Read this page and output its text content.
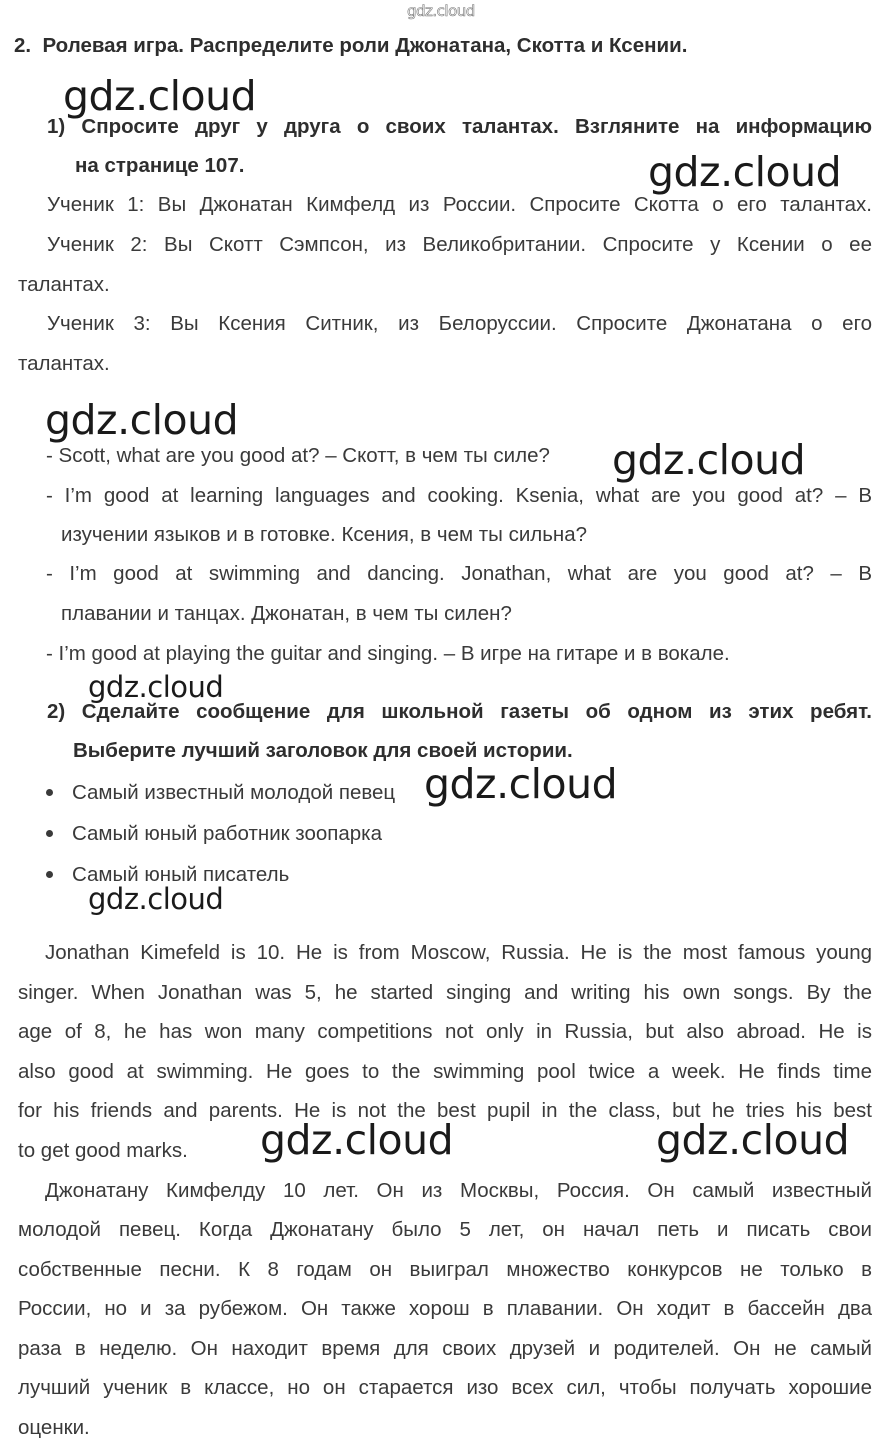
gdz.cloud
2. Ролевая игра. Распределите роли Джонатана, Скотта и Ксении.
1) Спросите друг у друга о своих талантах. Взгляните на информацию
на странице 107.
Ученик 1: Вы Джонатан Кимфелд из России. Спросите Скотта о его талантах.
Ученик 2: Вы Скотт Сэмпсон, из Великобритании. Спросите у Ксении о ее
талантах.
Ученик 3: Вы Ксения Ситник, из Белоруссии. Спросите Джонатана о его
талантах.
- Scott, what are you good at? – Скотт, в чем ты силе?
- I’m good at learning languages and cooking. Ksenia, what are you good at? – В
изучении языков и в готовке. Ксения, в чем ты сильна?
- I’m good at swimming and dancing. Jonathan, what are you good at? – В
плавании и танцах. Джонатан, в чем ты силен?
- I’m good at playing the guitar and singing. – В игре на гитаре и в вокале.
2) Сделайте сообщение для школьной газеты об одном из этих ребят.
Выберите лучший заголовок для своей истории.
Самый известный молодой певец
Самый юный работник зоопарка
Самый юный писатель
Jonathan Kimefeld is 10. He is from Moscow, Russia. He is the most famous young
singer. When Jonathan was 5, he started singing and writing his own songs. By the
age of 8, he has won many competitions not only in Russia, but also abroad. He is
also good at swimming. He goes to the swimming pool twice a week. He finds time
for his friends and parents. He is not the best pupil in the class, but he tries his best
to get good marks.
Джонатану Кимфелду 10 лет. Он из Москвы, Россия. Он самый известный
молодой певец. Когда Джонатану было 5 лет, он начал петь и писать свои
собственные песни. К 8 годам он выиграл множество конкурсов не только в
России, но и за рубежом. Он также хорош в плавании. Он ходит в бассейн два
раза в неделю. Он находит время для своих друзей и родителей. Он не самый
лучший ученик в классе, но он старается изо всех сил, чтобы получать хорошие
оценки.
gdz.cloud
gdz.cloud
gdz.cloud
gdz.cloud
gdz.cloud
gdz.cloud
gdz.cloud
gdz.cloud	gdz.cloud
